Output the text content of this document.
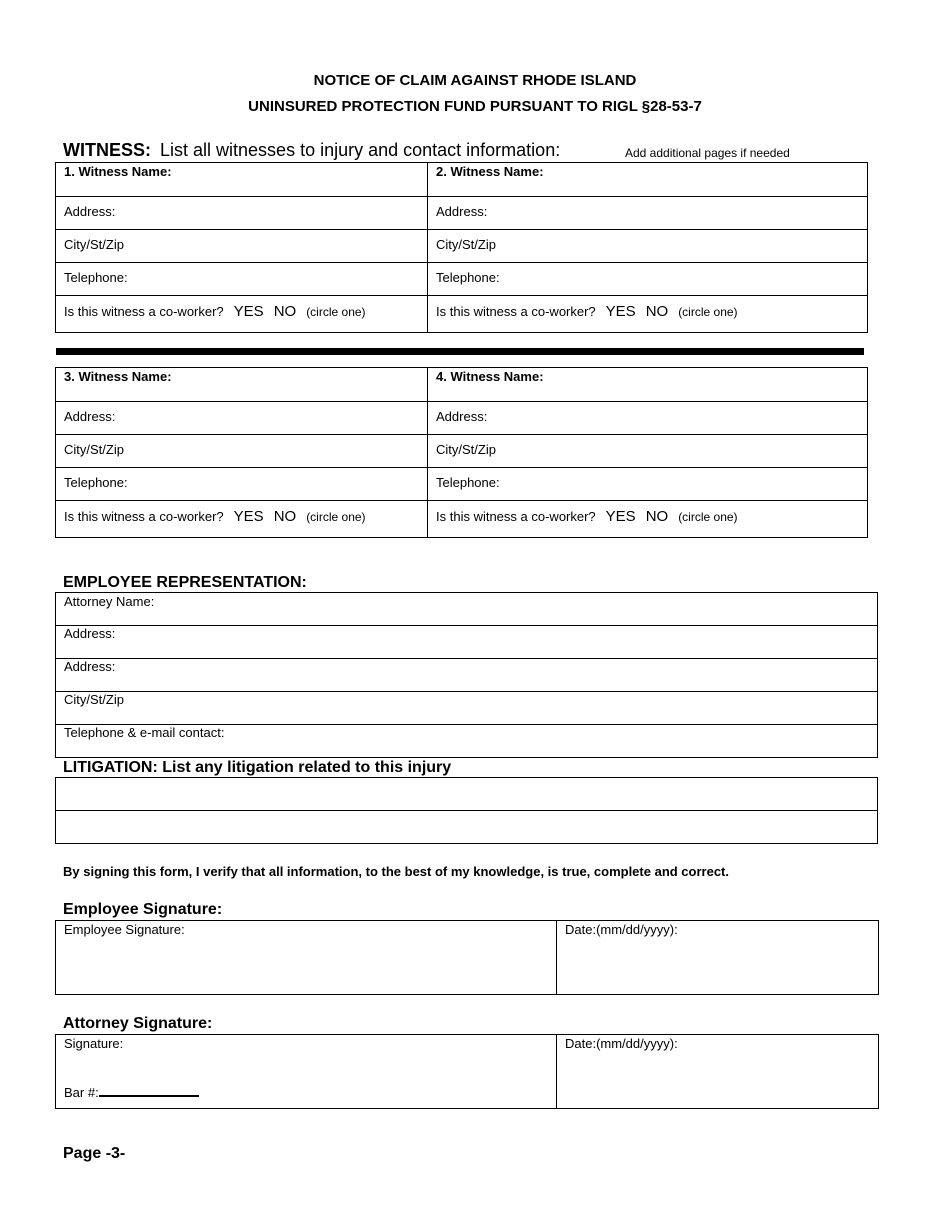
NOTICE OF CLAIM AGAINST RHODE ISLAND
UNINSURED PROTECTION FUND PURSUANT TO RIGL §28-53-7
WITNESS: List all witnesses to injury and contact information:	Add additional pages if needed
1. Witness Name:	2. Witness Name:

Address:	Address:

City/St/Zip	City/St/Zip

Telephone:	Telephone:

Is this witness a co-worker? YES NO (circle one)	Is this witness a co-worker? YES NO (circle one)
3. Witness Name:	4. Witness Name:

Address:	Address:

City/St/Zip	City/St/Zip

Telephone:	Telephone:

Is this witness a co-worker? YES NO (circle one)	Is this witness a co-worker? YES NO (circle one)
EMPLOYEE REPRESENTATION:
Attorney Name:

Address:

Address:

City/St/Zip

Telephone & e-mail contact:
LITIGATION: List any litigation related to this injury

By signing this form, I verify that all information, to the best of my knowledge, is true, complete and correct.
Employee Signature:
Employee Signature:	Date:(mm/dd/yyyy):
Attorney Signature:
Signature:
Bar #:

Date:(mm/dd/yyyy):
Page -3-
